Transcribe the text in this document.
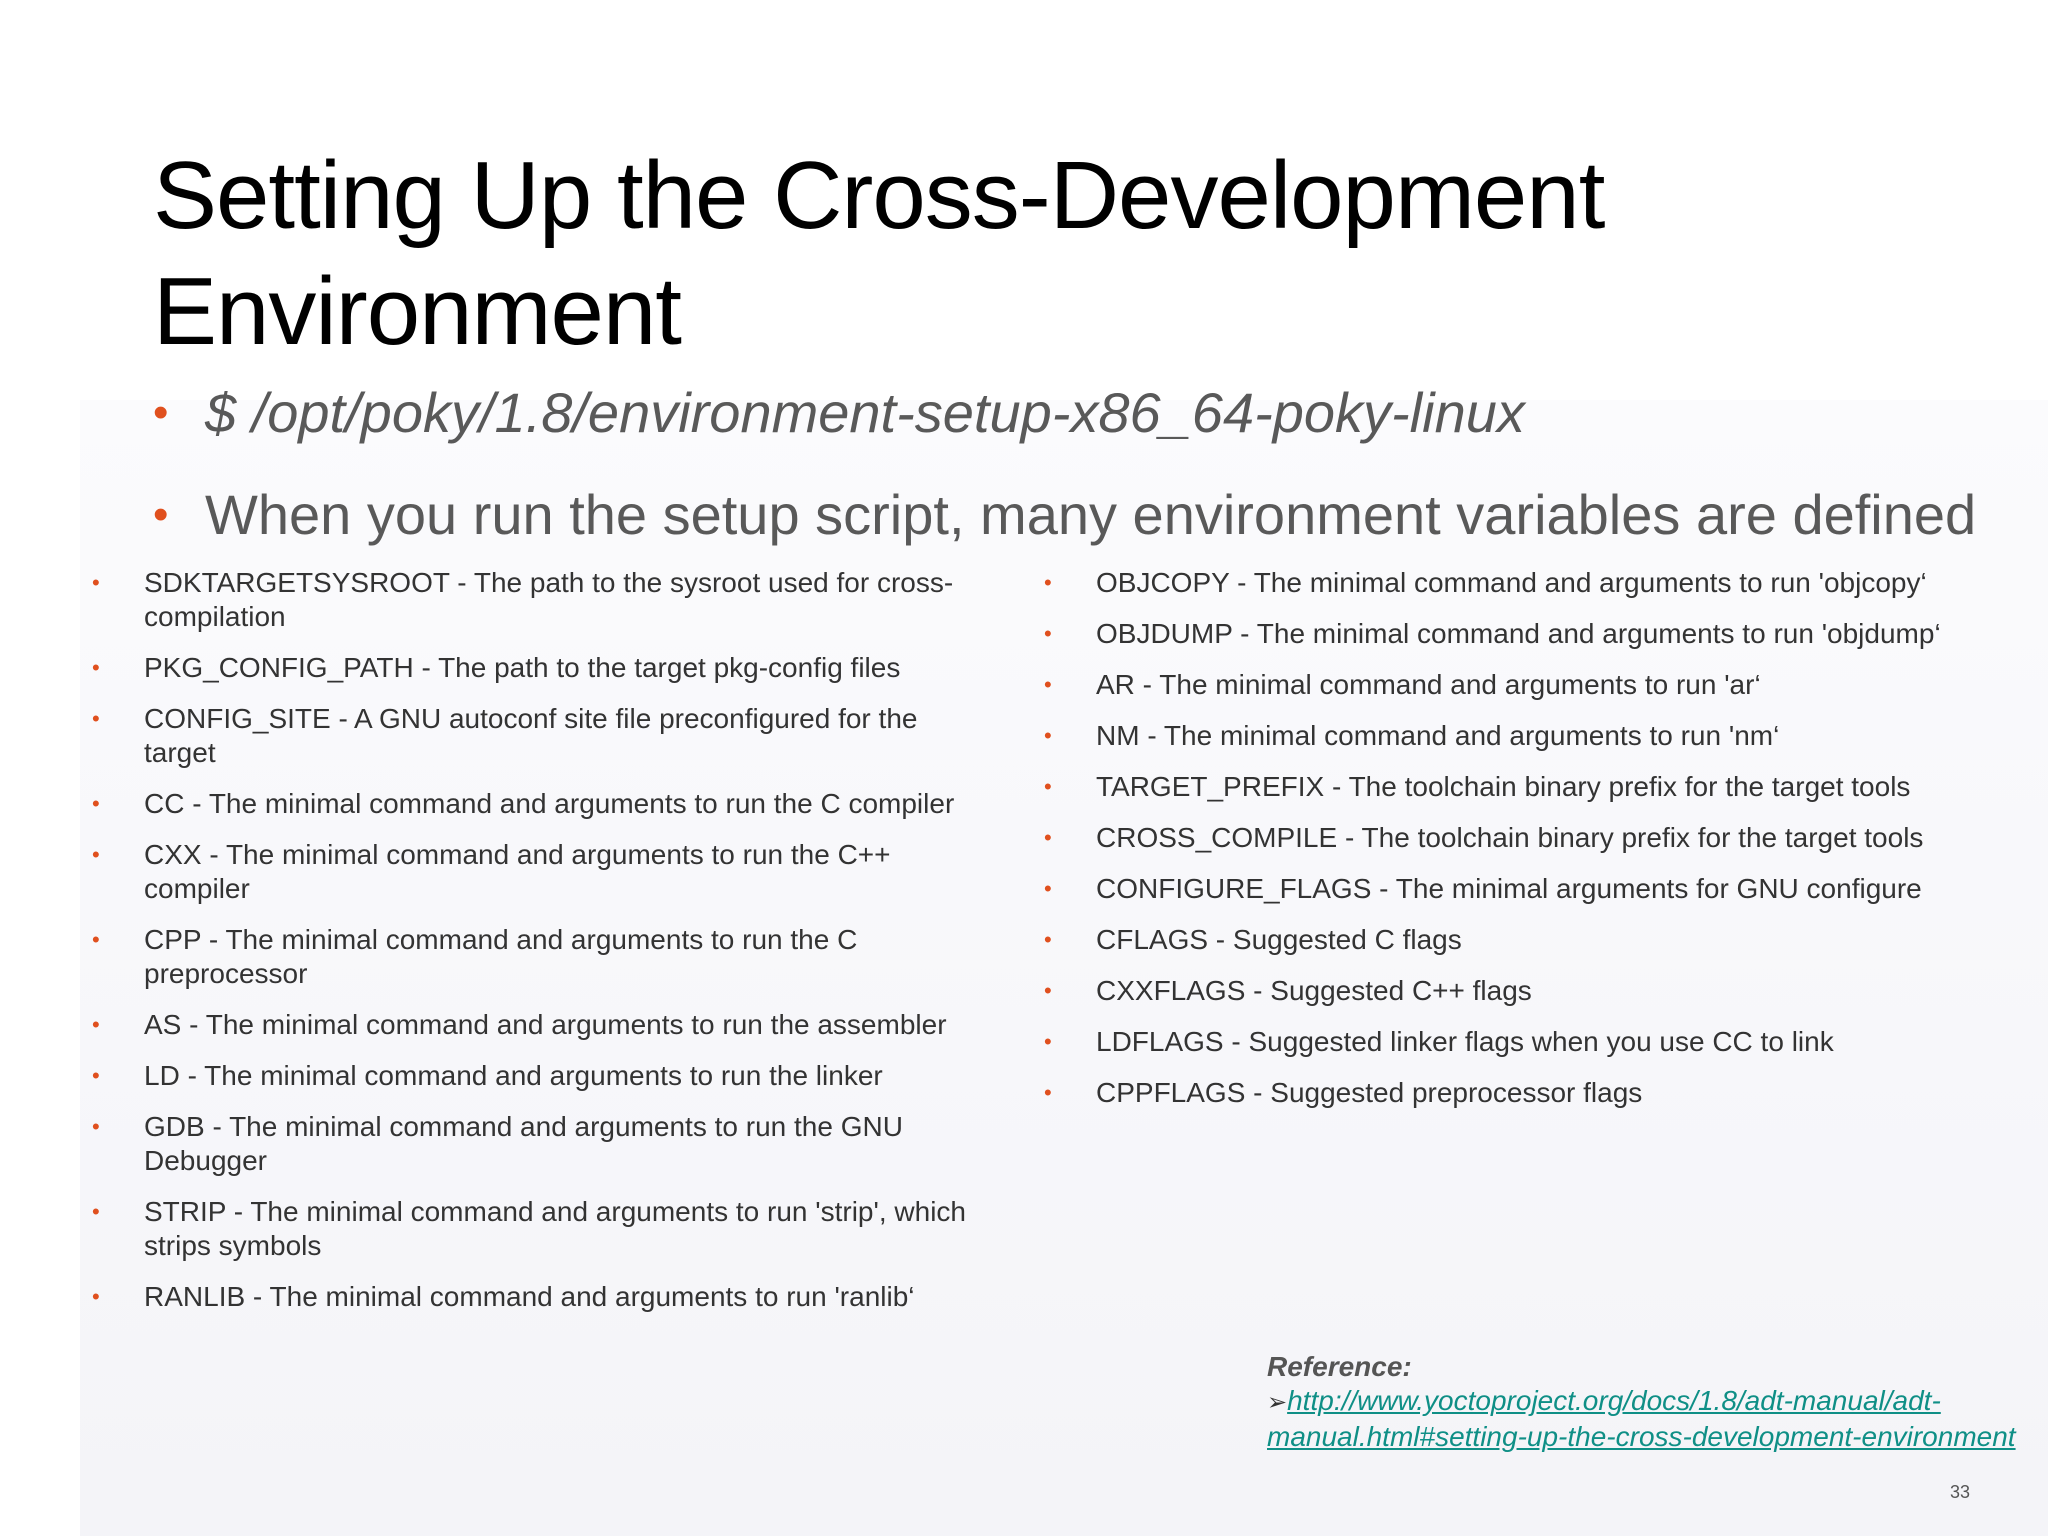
Setting Up the Cross-Development Environment
• $ /opt/poky/1.8/environment-setup-x86_64-poky-linux
• When you run the setup script, many environment variables are defined
• SDKTARGETSYSROOT - The path to the sysroot used for cross-compilation
• PKG_CONFIG_PATH - The path to the target pkg-config files
• CONFIG_SITE - A GNU autoconf site file preconfigured for the target
• CC - The minimal command and arguments to run the C compiler
• CXX - The minimal command and arguments to run the C++ compiler
• CPP - The minimal command and arguments to run the C preprocessor
• AS - The minimal command and arguments to run the assembler
• LD - The minimal command and arguments to run the linker
• GDB - The minimal command and arguments to run the GNU Debugger
• STRIP - The minimal command and arguments to run 'strip', which strips symbols
• RANLIB - The minimal command and arguments to run 'ranlib‘
• OBJCOPY - The minimal command and arguments to run 'objcopy‘
• OBJDUMP - The minimal command and arguments to run 'objdump‘
• AR - The minimal command and arguments to run 'ar‘
• NM - The minimal command and arguments to run 'nm‘
• TARGET_PREFIX - The toolchain binary prefix for the target tools
• CROSS_COMPILE - The toolchain binary prefix for the target tools
• CONFIGURE_FLAGS - The minimal arguments for GNU configure
• CFLAGS - Suggested C flags
• CXXFLAGS - Suggested C++ flags
• LDFLAGS - Suggested linker flags when you use CC to link
• CPPFLAGS - Suggested preprocessor flags
Reference:
➢http://www.yoctoproject.org/docs/1.8/adt-manual/adt-manual.html#setting-up-the-cross-development-environment
33
